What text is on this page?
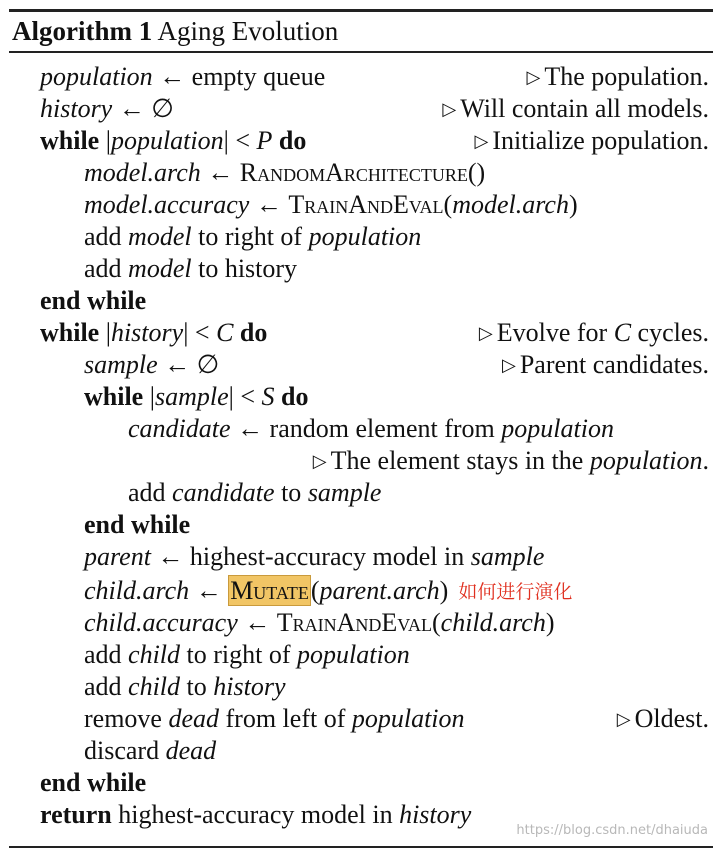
Algorithm 1 Aging Evolution
population ← empty queue	▷ The population.
history ← ∅	▷ Will contain all models.
while |population| < P do	▷ Initialize population.
model.arch ← RandomArchitecture()
model.accuracy ← TrainAndEval(model.arch)
add model to right of population
add model to history
end while
while |history| < C do	▷ Evolve for C cycles.
sample ← ∅	▷ Parent candidates.
while |sample| < S do
candidate ← random element from population
▷ The element stays in the population.
add candidate to sample
end while
parent ← highest-accuracy model in sample
child.arch ← Mutate(parent.arch) 如何进行演化
child.accuracy ← TrainAndEval(child.arch)
add child to right of population
add child to history
remove dead from left of population	▷ Oldest.
discard dead
end while
return highest-accuracy model in history
https://blog.csdn.net/dhaiuda
